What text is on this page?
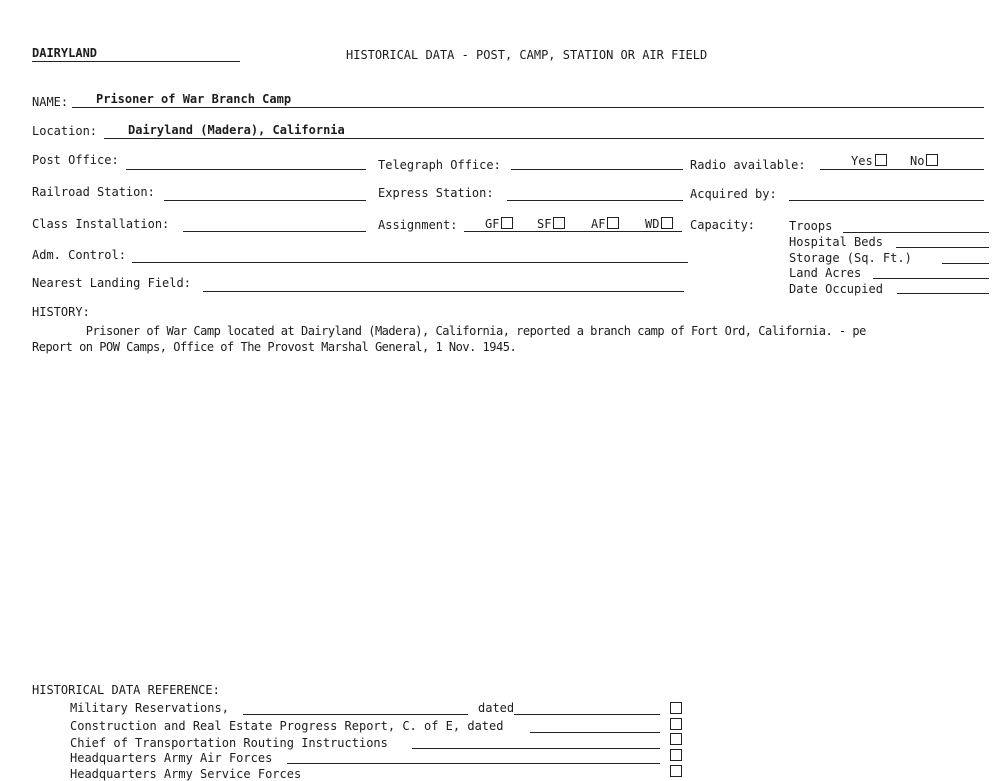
DAIRYLAND	HISTORICAL DATA - POST, CAMP, STATION OR AIR FIELD
NAME: Prisoner of War Branch Camp
Location:	Dairyland (Madera), California
Post Office:	Telegraph Office:	Radio available:	Yes	No
Railroad Station:	Express Station:	Acquired by:
Class Installation:	Assignment: GF	SF	AF	WD	Capacity:	Troops
Hospital Beds
Storage (Sq. Ft.)
Land Acres
Date Occupied
Adm. Control:
Nearest Landing Field:
HISTORY:
Prisoner of War Camp located at Dairyland (Madera), California, reported a branch camp of Fort Ord, California. - pe
Report on POW Camps, Office of The Provost Marshal General, 1 Nov. 1945.
HISTORICAL DATA REFERENCE:
Military Reservations,	dated
Construction and Real Estate Progress Report, C. of E, dated
Chief of Transportation Routing Instructions
Headquarters Army Air Forces
Headquarters Army Service Forces
